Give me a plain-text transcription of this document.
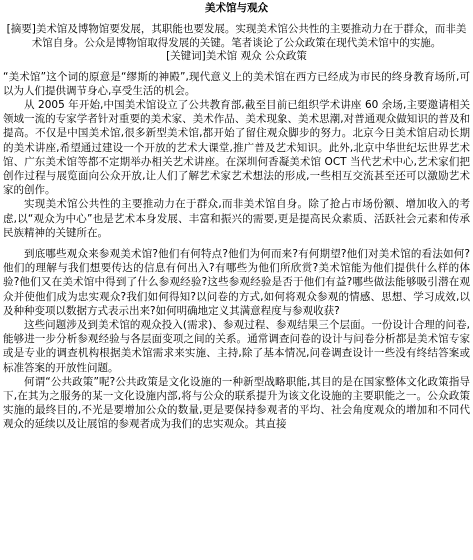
美术馆与观众

[摘要]美术馆及博物馆要发展，其职能也要发展。实现美术馆公共性的主要推动力在于群众，而非美术馆自身。公众是博物馆取得发展的关键。笔者谈论了公众政策在现代美术馆中的实施。

[关键词]美术馆 观众 公众政策

“美术馆”这个词的原意是“缪斯的神殿”,现代意义上的美术馆在西方已经成为市民的终身教育场所,可以为人们提供调节身心,享受生活的机会。

从 2005 年开始,中国美术馆设立了公共教育部,截至目前已组织学术讲座 60 余场,主要邀请相关领域一流的专家学者针对重要的美术家、美术作品、美术现象、美术思潮,对普通观众做知识的普及和提高。不仅是中国美术馆,很多新型美术馆,都开始了留住观众脚步的努力。北京今日美术馆启动长期的美术讲座,希望通过建设一个开放的艺术大课堂,推广普及艺术知识。此外,北京中华世纪坛世界艺术馆、广东美术馆等都不定期举办相关艺术讲座。在深圳何香凝美术馆 OCT 当代艺术中心,艺术家们把创作过程与展览面向公众开放,让人们了解艺术家艺术想法的形成,一些相互交流甚至还可以激励艺术家的创作。

实现美术馆公共性的主要推动力在于群众,而非美术馆自身。除了抢占市场份额、增加收入的考虑,以“观众为中心”也是艺术本身发展、丰富和振兴的需要,更是提高民众素质、活跃社会元素和传承民族精神的关键所在。

到底哪些观众来参观美术馆?他们有何特点?他们为何而来?有何期望?他们对美术馆的看法如何?他们的理解与我们想要传达的信息有何出入?有哪些为他们所欣赏?美术馆能为他们提供什么样的体验?他们又在美术馆中得到了什么参观经验?这些参观经验是否于他们有益?哪些做法能够吸引潜在观众并使他们成为忠实观众?我们如何得知?以问卷的方式,如何将观众参观的情感、思想、学习成效,以及种种变项以数据方式表示出来?如何明确地定义其满意程度与参观收获?

这些问题涉及到美术馆的观众投入(需求)、参观过程、参观结果三个层面。一份设计合理的问卷,能够进一步分析参观经验与各层面变项之间的关系。通常调查问卷的设计与问卷分析都是美术馆专家或是专业的调查机构根据美术馆需求来实施、主持,除了基本情况,问卷调查设计一些没有终结答案或标准答案的开放性问题。

何谓“公共政策”呢?公共政策是文化设施的一种新型战略职能,其目的是在国家整体文化政策指导下,在其为之服务的某一文化设施内部,将与公众的联系提升为该文化设施的主要职能之一。公众政策实施的最终目的,不光是要增加公众的数量,更是要保持参观者的平均、社会角度观众的增加和不同代观众的延续以及让展馆的参观者成为我们的忠实观众。其直接
